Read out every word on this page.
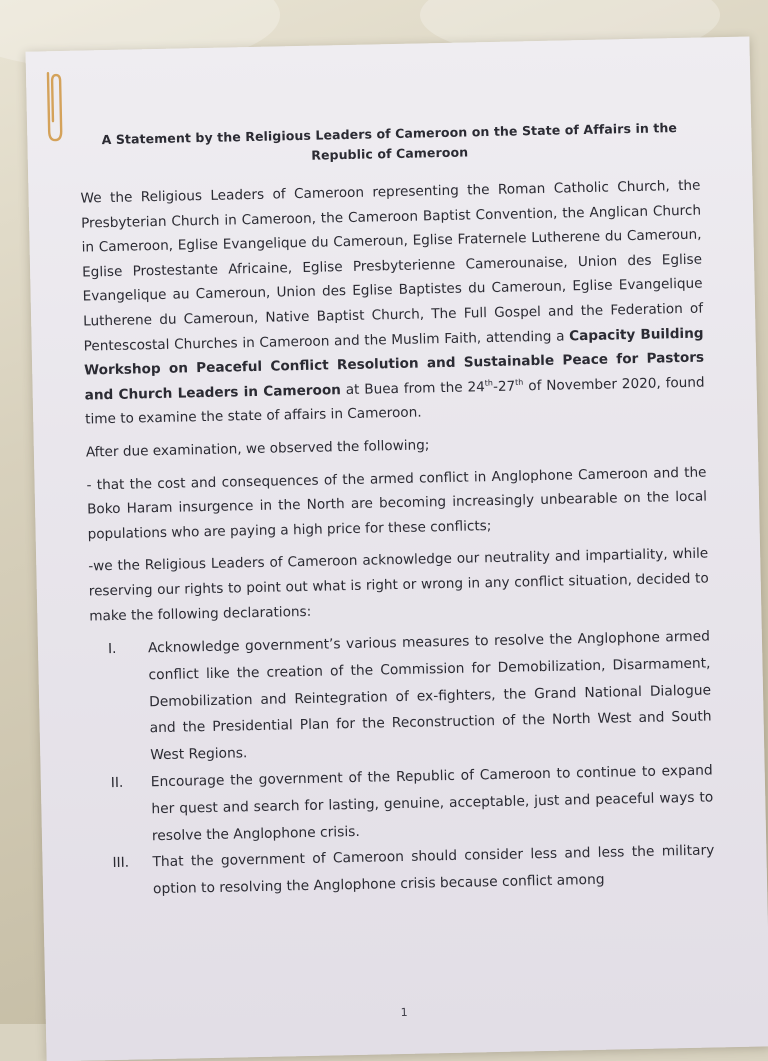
A Statement by the Religious Leaders of Cameroon on the State of Affairs in the
Republic of Cameroon

We the Religious Leaders of Cameroon representing the Roman Catholic Church, the Presbyterian Church in Cameroon, the Cameroon Baptist Convention, the Anglican Church in Cameroon, Eglise Evangelique du Cameroun, Eglise Fraternele Lutherene du Cameroun, Eglise Prostestante Africaine, Eglise Presbyterienne Camerounaise, Union des Eglise Evangelique au Cameroun, Union des Eglise Baptistes du Cameroun, Eglise Evangelique Lutherene du Cameroun, Native Baptist Church, The Full Gospel and the Federation of Pentescostal Churches in Cameroon and the Muslim Faith, attending a Capacity Building Workshop on Peaceful Conflict Resolution and Sustainable Peace for Pastors and Church Leaders in Cameroon at Buea from the 24th-27th of November 2020, found time to examine the state of affairs in Cameroon.

After due examination, we observed the following;

- that the cost and consequences of the armed conflict in Anglophone Cameroon and the Boko Haram insurgence in the North are becoming increasingly unbearable on the local populations who are paying a high price for these conflicts;

-we the Religious Leaders of Cameroon acknowledge our neutrality and impartiality, while reserving our rights to point out what is right or wrong in any conflict situation, decided to make the following declarations:

I.	Acknowledge government’s various measures to resolve the Anglophone armed conflict like the creation of the Commission for Demobilization, Disarmament, Demobilization and Reintegration of ex-fighters, the Grand National Dialogue and the Presidential Plan for the Reconstruction of the North West and South West Regions.
II.	Encourage the government of the Republic of Cameroon to continue to expand her quest and search for lasting, genuine, acceptable, just and peaceful ways to resolve the Anglophone crisis.
III.	That the government of Cameroon should consider less and less the military option to resolving the Anglophone crisis because conflict among
1
